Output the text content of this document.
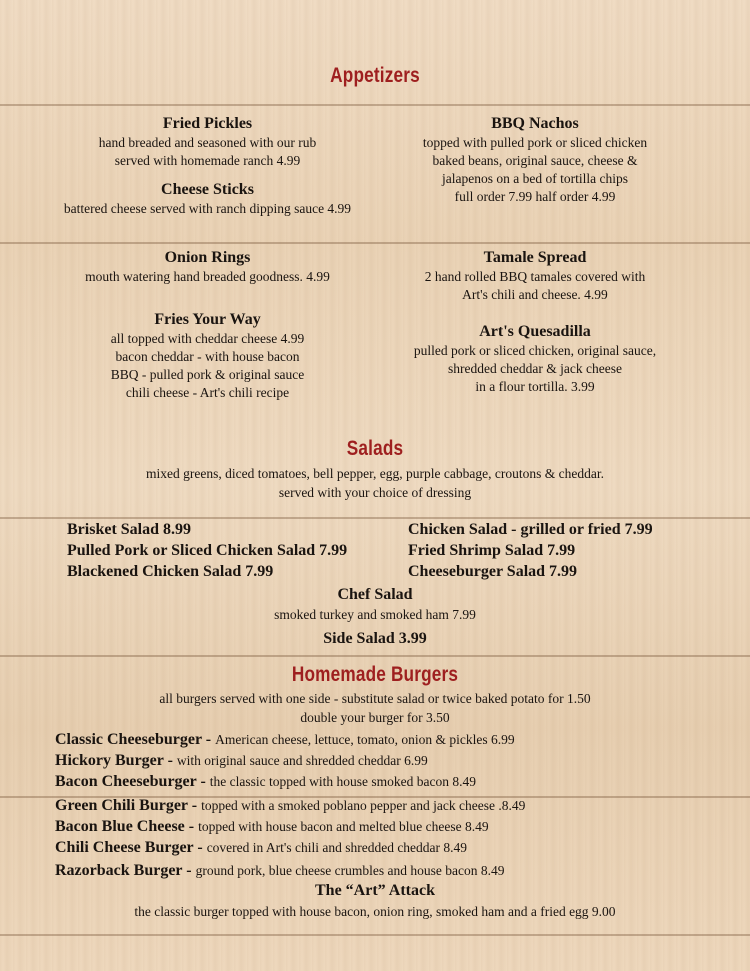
Appetizers
Fried Pickles
hand breaded and seasoned with our rub
served with homemade ranch 4.99
Cheese Sticks
battered cheese served with ranch dipping sauce 4.99
BBQ Nachos
topped with pulled pork or sliced chicken
baked beans, original sauce, cheese &
jalapenos on a bed of tortilla chips
full order 7.99 half order 4.99
Onion Rings
mouth watering hand breaded goodness. 4.99
Fries Your Way
all topped with cheddar cheese 4.99
bacon cheddar - with house bacon
BBQ - pulled pork & original sauce
chili cheese - Art's chili recipe
Tamale Spread
2 hand rolled BBQ tamales covered with
Art's chili and cheese. 4.99
Art's Quesadilla
pulled pork or sliced chicken, original sauce,
shredded cheddar & jack cheese
in a flour tortilla. 3.99
Salads
mixed greens, diced tomatoes, bell pepper, egg, purple cabbage, croutons & cheddar.
served with your choice of dressing
Brisket Salad 8.99
Pulled Pork or Sliced Chicken Salad 7.99
Blackened Chicken Salad 7.99
Chicken Salad - grilled or fried 7.99
Fried Shrimp Salad 7.99
Cheeseburger Salad 7.99
Chef Salad
smoked turkey and smoked ham 7.99
Side Salad 3.99
Homemade Burgers
all burgers served with one side - substitute salad or twice baked potato for 1.50
double your burger for 3.50
Classic Cheeseburger - American cheese, lettuce, tomato, onion & pickles 6.99
Hickory Burger - with original sauce and shredded cheddar 6.99
Bacon Cheeseburger - the classic topped with house smoked bacon 8.49
Green Chili Burger - topped with a smoked poblano pepper and jack cheese .8.49
Bacon Blue Cheese - topped with house bacon and melted blue cheese 8.49
Chili Cheese Burger - covered in Art's chili and shredded cheddar 8.49
Razorback Burger - ground pork, blue cheese crumbles and house bacon 8.49
The “Art” Attack
the classic burger topped with house bacon, onion ring, smoked ham and a fried egg 9.00
